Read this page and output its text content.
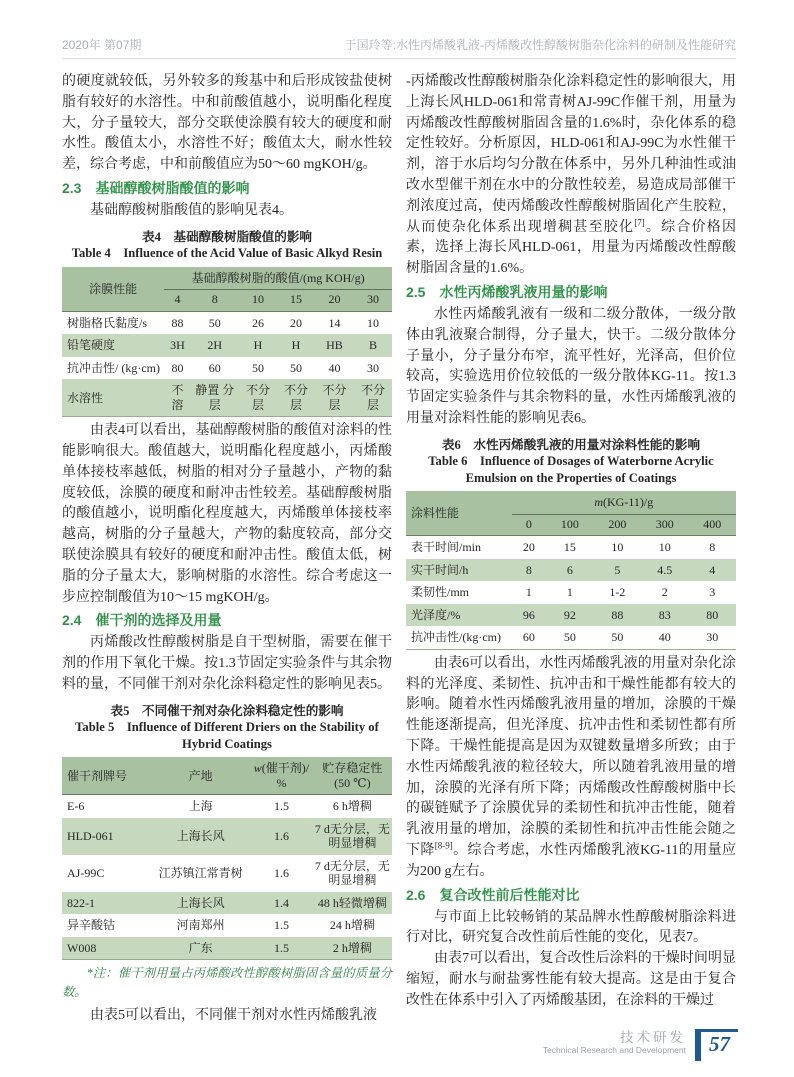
2020年 第07期	于国玲等:水性丙烯酸乳液-丙烯酸改性醇酸树脂杂化涂料的研制及性能研究

的硬度就较低，另外较多的羧基中和后形成铵盐使树脂有较好的水溶性。中和前酸值越小，说明酯化程度大，分子量较大，部分交联使涂膜有较大的硬度和耐水性。酸值太小，水溶性不好；酸值太大，耐水性较差，综合考虑，中和前酸值应为50～60 mgKOH/g。

2.3　基础醇酸树脂酸值的影响

基础醇酸树脂酸值的影响见表4。

表4　基础醇酸树脂酸值的影响
Table 4　Influence of the Acid Value of Basic Alkyd Resin
涂膜性能	基础醇酸树脂的酸值/(mg KOH/g)					
	4	8	10	15	20	30
树脂格氏黏度/s	88	50	26	20	14	10
铅笔硬度	3H	2H	H	H	HB	B
抗冲击性/ (kg·cm)	80	60	50	50	40	30
水溶性	不溶	静置 分层	不分 层	不分 层	不分 层	不分 层

由表4可以看出，基础醇酸树脂的酸值对涂料的性能影响很大。酸值越大，说明酯化程度越小，丙烯酸单体接枝率越低，树脂的相对分子量越小，产物的黏度较低，涂膜的硬度和耐冲击性较差。基础醇酸树脂的酸值越小，说明酯化程度越大，丙烯酸单体接枝率越高，树脂的分子量越大，产物的黏度较高，部分交联使涂膜具有较好的硬度和耐冲击性。酸值太低，树脂的分子量太大，影响树脂的水溶性。综合考虑这一步应控制酸值为10～15 mgKOH/g。

2.4　催干剂的选择及用量

丙烯酸改性醇酸树脂是自干型树脂，需要在催干剂的作用下氧化干燥。按1.3节固定实验条件与其余物料的量，不同催干剂对杂化涂料稳定性的影响见表5。

表5　不同催干剂对杂化涂料稳定性的影响
Table 5　Influence of Different Driers on the Stability of Hybrid Coatings
催干剂牌号	产地	w(催干剂)/ %	贮存稳定性 (50 ℃)
E-6	上海	1.5	6 h增稠
HLD-061	上海长风	1.6	7 d无分层，无 明显增稠
AJ-99C	江苏镇江常青树	1.6	7 d无分层，无 明显增稠
822-1	上海长风	1.4	48 h轻微增稠
异辛酸钴	河南郑州	1.5	24 h增稠
W008	广东	1.5	2 h增稠
*注：催干剂用量占丙烯酸改性醇酸树脂固含量的质量分数。

由表5可以看出，不同催干剂对水性丙烯酸乳液

-丙烯酸改性醇酸树脂杂化涂料稳定性的影响很大，用上海长风HLD-061和常青树AJ-99C作催干剂，用量为丙烯酸改性醇酸树脂固含量的1.6%时，杂化体系的稳定性较好。分析原因，HLD-061和AJ-99C为水性催干剂，溶于水后均匀分散在体系中，另外几种油性或油改水型催干剂在水中的分散性较差，易造成局部催干剂浓度过高，使丙烯酸改性醇酸树脂固化产生胶粒，从而使杂化体系出现增稠甚至胶化[7]。综合价格因素，选择上海长风HLD-061，用量为丙烯酸改性醇酸树脂固含量的1.6%。

2.5　水性丙烯酸乳液用量的影响

水性丙烯酸乳液有一级和二级分散体，一级分散体由乳液聚合制得，分子量大，快干。二级分散体分子量小，分子量分布窄，流平性好，光泽高，但价位较高，实验选用价位较低的一级分散体KG-11。按1.3节固定实验条件与其余物料的量，水性丙烯酸乳液的用量对涂料性能的影响见表6。

表6　水性丙烯酸乳液的用量对涂料性能的影响
Table 6　Influence of Dosages of Waterborne Acrylic Emulsion on the Properties of Coatings
涂料性能	m(KG-11)/g				
	0	100	200	300	400
表干时间/min	20	15	10	10	8
实干时间/h	8	6	5	4.5	4
柔韧性/mm	1	1	1-2	2	3
光泽度/%	96	92	88	83	80
抗冲击性/(kg·cm)	60	50	50	40	30

由表6可以看出，水性丙烯酸乳液的用量对杂化涂料的光泽度、柔韧性、抗冲击和干燥性能都有较大的影响。随着水性丙烯酸乳液用量的增加，涂膜的干燥性能逐渐提高，但光泽度、抗冲击性和柔韧性都有所下降。干燥性能提高是因为双键数量增多所致；由于水性丙烯酸乳液的粒径较大，所以随着乳液用量的增加，涂膜的光泽有所下降；丙烯酸改性醇酸树脂中长的碳链赋予了涂膜优异的柔韧性和抗冲击性能，随着乳液用量的增加，涂膜的柔韧性和抗冲击性能会随之下降[8-9]。综合考虑，水性丙烯酸乳液KG-11的用量应为200 g左右。

2.6　复合改性前后性能对比

与市面上比较畅销的某品牌水性醇酸树脂涂料进行对比，研究复合改性前后性能的变化，见表7。

由表7可以看出，复合改性后涂料的干燥时间明显缩短，耐水与耐盐雾性能有较大提高。这是由于复合改性在体系中引入了丙烯酸基团，在涂料的干燥过

技术研发
Technical Research and Development	57
